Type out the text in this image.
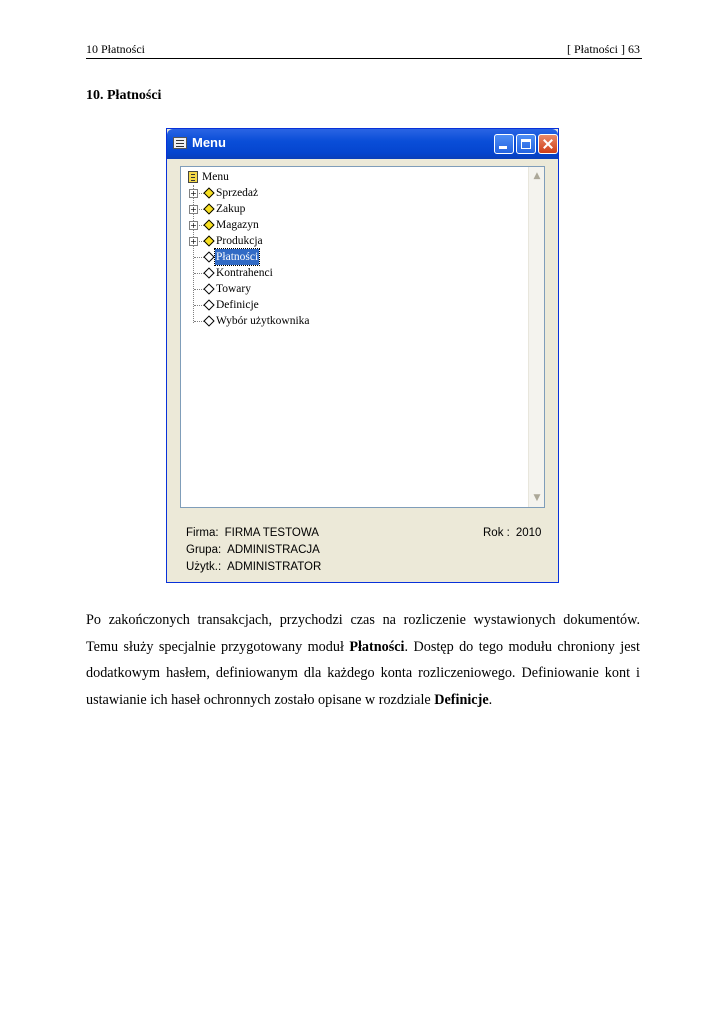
10 Płatności	[ Płatności ] 63
10. Płatności
Menu
Menu
+ Sprzedaż
+ Zakup
+ Magazyn
+ Produkcja
Płatności
Kontrahenci
Towary
Definicje
Wybór użytkownika
▲
▼
Firma: FIRMA TESTOWA	Rok : 2010
Grupa: ADMINISTRACJA
Użytk.: ADMINISTRATOR
Po zakończonych transakcjach, przychodzi czas na rozliczenie wystawionych dokumentów. Temu służy specjalnie przygotowany moduł Płatności. Dostęp do tego modułu chroniony jest dodatkowym hasłem, definiowanym dla każdego konta rozliczeniowego. Definiowanie kont i ustawianie ich haseł ochronnych zostało opisane w rozdziale Definicje.
